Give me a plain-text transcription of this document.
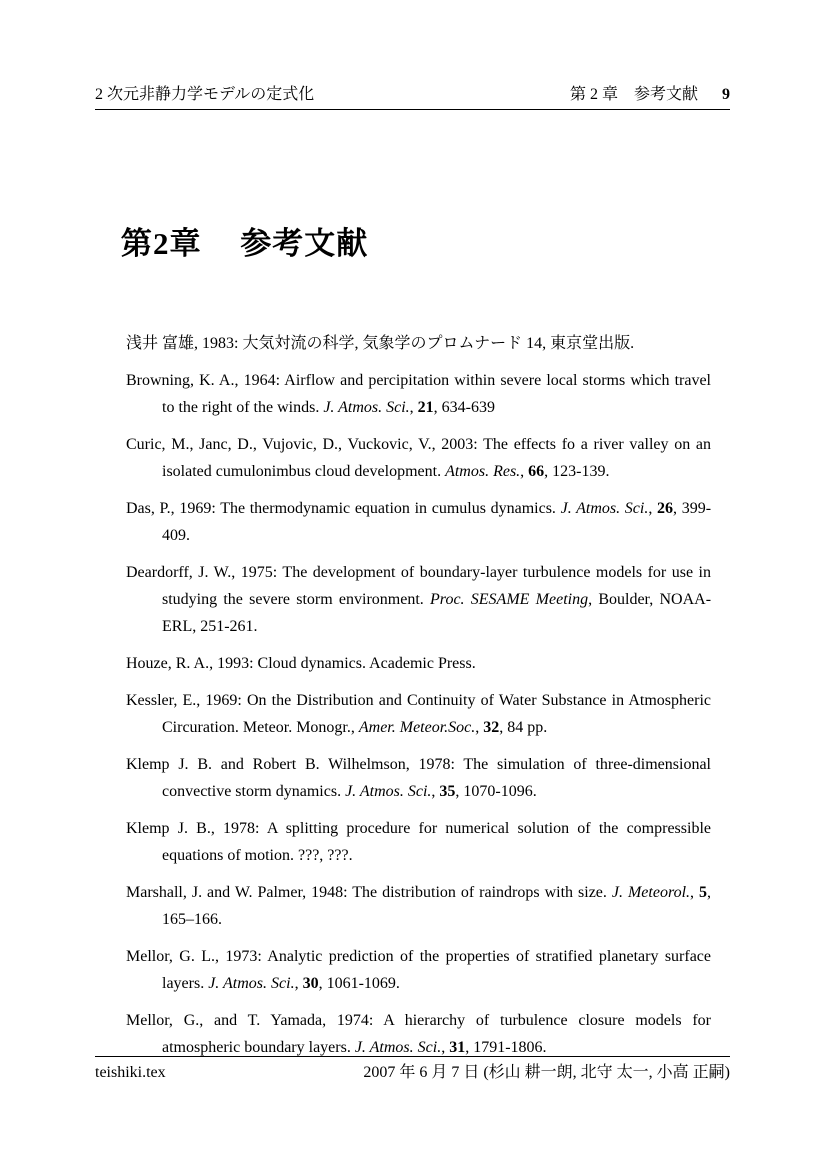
2 次元非静力学モデルの定式化	第 2 章　参考文献 9
第2章 参考文献

浅井 富雄, 1983: 大気対流の科学, 気象学のプロムナード 14, 東京堂出版.

Browning, K. A., 1964: Airflow and percipitation within severe local storms which travel to the right of the winds. J. Atmos. Sci., 21, 634-639

Curic, M., Janc, D., Vujovic, D., Vuckovic, V., 2003: The effects fo a river valley on an isolated cumulonimbus cloud development. Atmos. Res., 66, 123-139.

Das, P., 1969: The thermodynamic equation in cumulus dynamics. J. Atmos. Sci., 26, 399-409.

Deardorff, J. W., 1975: The development of boundary-layer turbulence models for use in studying the severe storm environment. Proc. SESAME Meeting, Boulder, NOAA-ERL, 251-261.

Houze, R. A., 1993: Cloud dynamics. Academic Press.

Kessler, E., 1969: On the Distribution and Continuity of Water Substance in Atmospheric Circuration. Meteor. Monogr., Amer. Meteor.Soc., 32, 84 pp.

Klemp J. B. and Robert B. Wilhelmson, 1978: The simulation of three-dimensional convective storm dynamics. J. Atmos. Sci., 35, 1070-1096.

Klemp J. B., 1978: A splitting procedure for numerical solution of the compressible equations of motion. ???, ???.

Marshall, J. and W. Palmer, 1948: The distribution of raindrops with size. J. Meteorol., 5, 165–166.

Mellor, G. L., 1973: Analytic prediction of the properties of stratified planetary surface layers. J. Atmos. Sci., 30, 1061-1069.

Mellor, G., and T. Yamada, 1974: A hierarchy of turbulence closure models for atmospheric boundary layers. J. Atmos. Sci., 31, 1791-1806.

teishiki.tex	2007 年 6 月 7 日 (杉山 耕一朗, 北守 太一, 小高 正嗣)
